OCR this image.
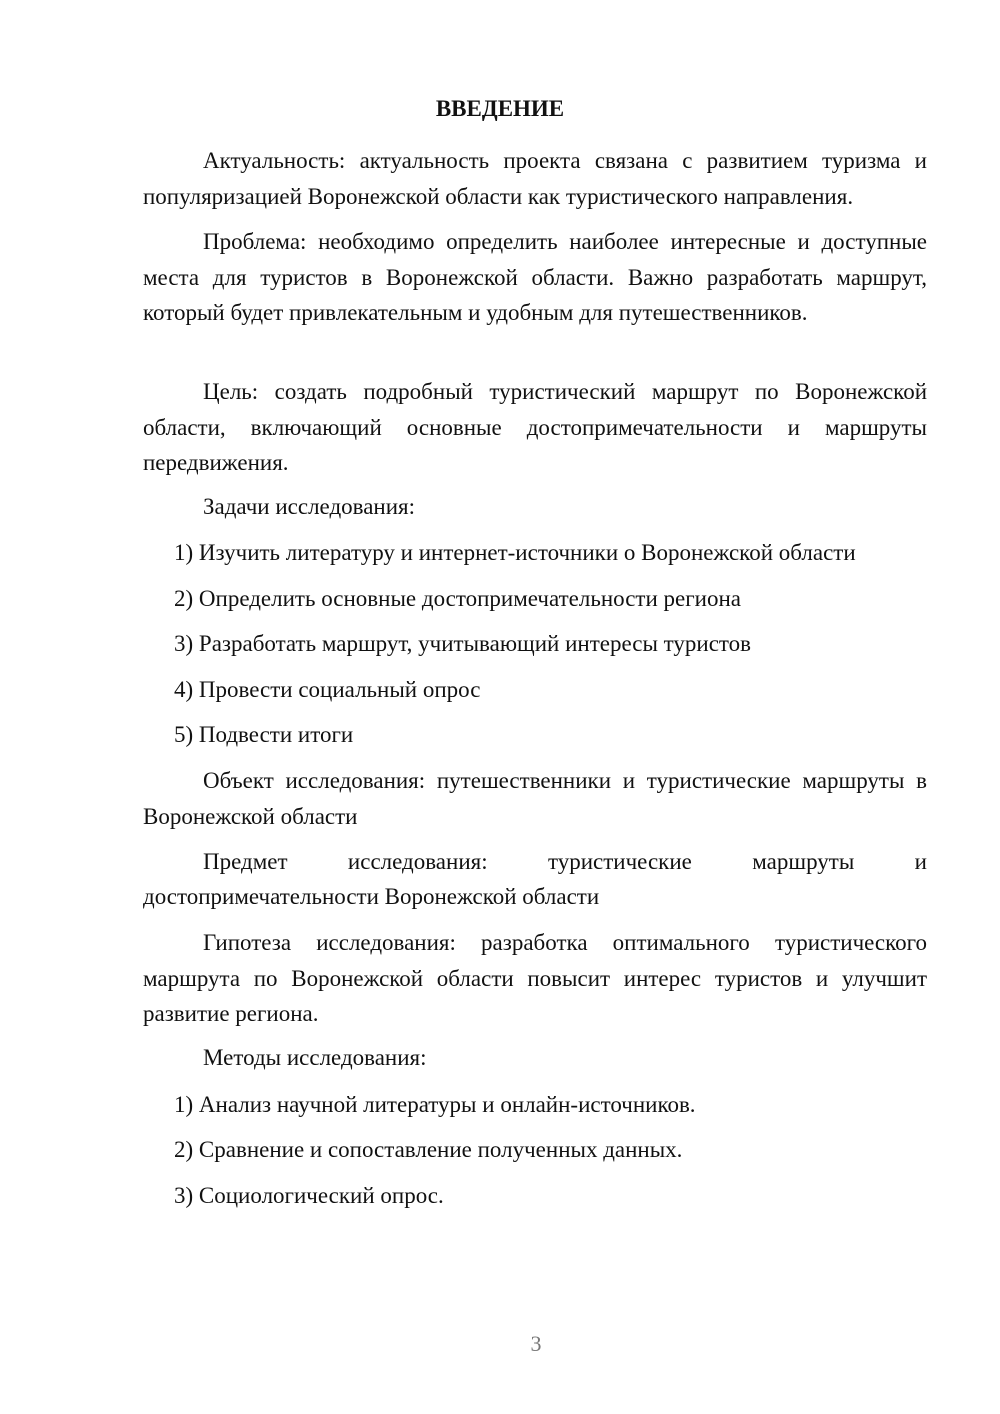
ВВЕДЕНИЕ

Актуальность: актуальность проекта связана с развитием туризма и популяризацией Воронежской области как туристического направления.

Проблема: необходимо определить наиболее интересные и доступные места для туристов в Воронежской области. Важно разработать маршрут, который будет привлекательным и удобным для путешественников.

Цель: создать подробный туристический маршрут по Воронежской области, включающий основные достопримечательности и маршруты передвижения.

Задачи исследования:

1) Изучить литературу и интернет-источники о Воронежской области

2) Определить основные достопримечательности региона

3) Разработать маршрут, учитывающий интересы туристов

4) Провести социальный опрос

5) Подвести итоги

Объект исследования: путешественники и туристические маршруты в Воронежской области

Предмет исследования: туристические маршруты и

достопримечательности Воронежской области

Гипотеза исследования: разработка оптимального туристического маршрута по Воронежской области повысит интерес туристов и улучшит развитие региона.

Методы исследования:

1) Анализ научной литературы и онлайн-источников.

2) Сравнение и сопоставление полученных данных.

3) Социологический опрос.

3
